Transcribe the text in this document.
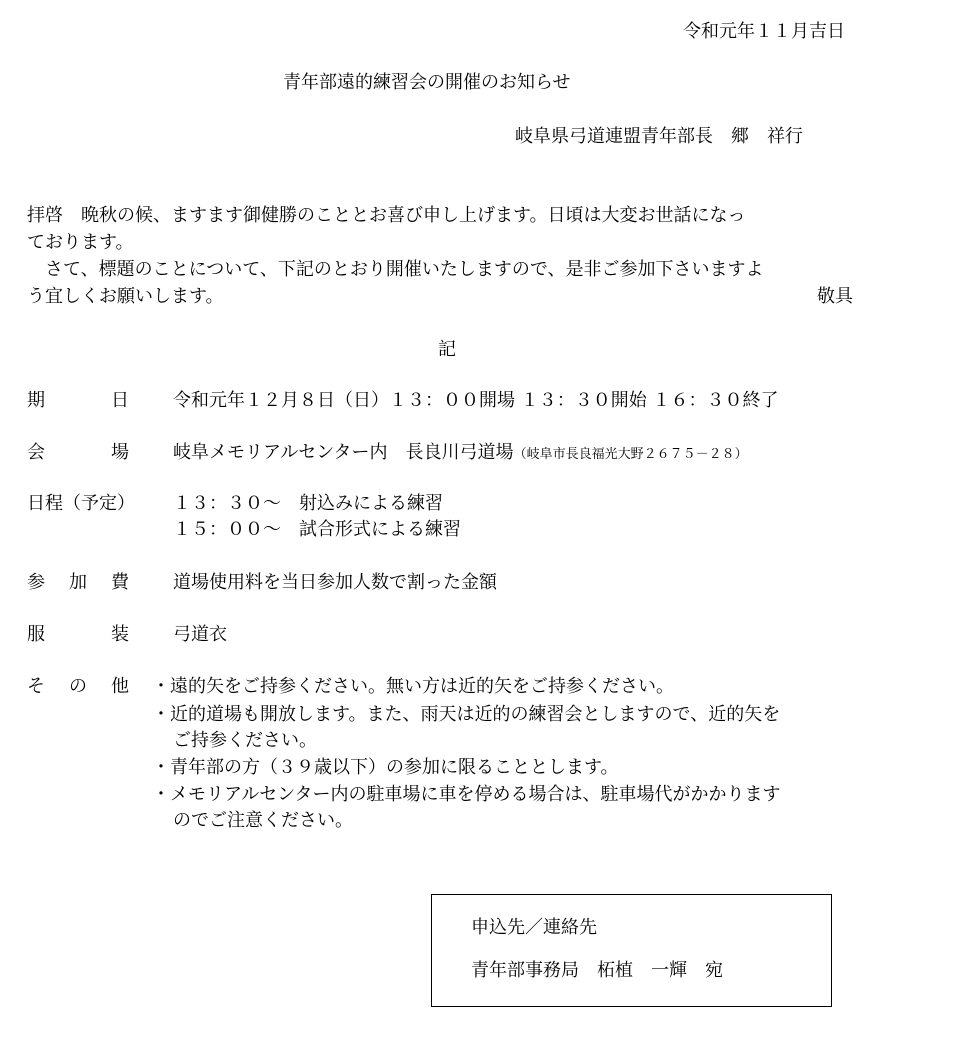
令和元年１１月吉日
青年部遠的練習会の開催のお知らせ
岐阜県弓道連盟青年部長　郷　祥行
拝啓　晩秋の候、ますます御健勝のこととお喜び申し上げます。日頃は大変お世話になっ
ております。
　さて、標題のことについて、下記のとおり開催いたしますので、是非ご参加下さいますよ
う宜しくお願いします。	敬具
記
期	日 令和元年１２月８日（日）１３：００開場 １３：３０開始 １６：３０終了
会	場 岐阜メモリアルセンター内　長良川弓道場（岐阜市長良福光大野２６７５－２８）
日程（予定） １３：３０～　射込みによる練習
１５：００～　試合形式による練習
参 加 費 道場使用料を当日参加人数で割った金額
服	装 弓道衣
そ の 他 ・遠的矢をご持参ください。無い方は近的矢をご持参ください。
・近的道場も開放します。また、雨天は近的の練習会としますので、近的矢を
ご持参ください。
・青年部の方（３９歳以下）の参加に限ることとします。
・メモリアルセンター内の駐車場に車を停める場合は、駐車場代がかかります
のでご注意ください。
申込先／連絡先
青年部事務局　柘植　一輝　宛
